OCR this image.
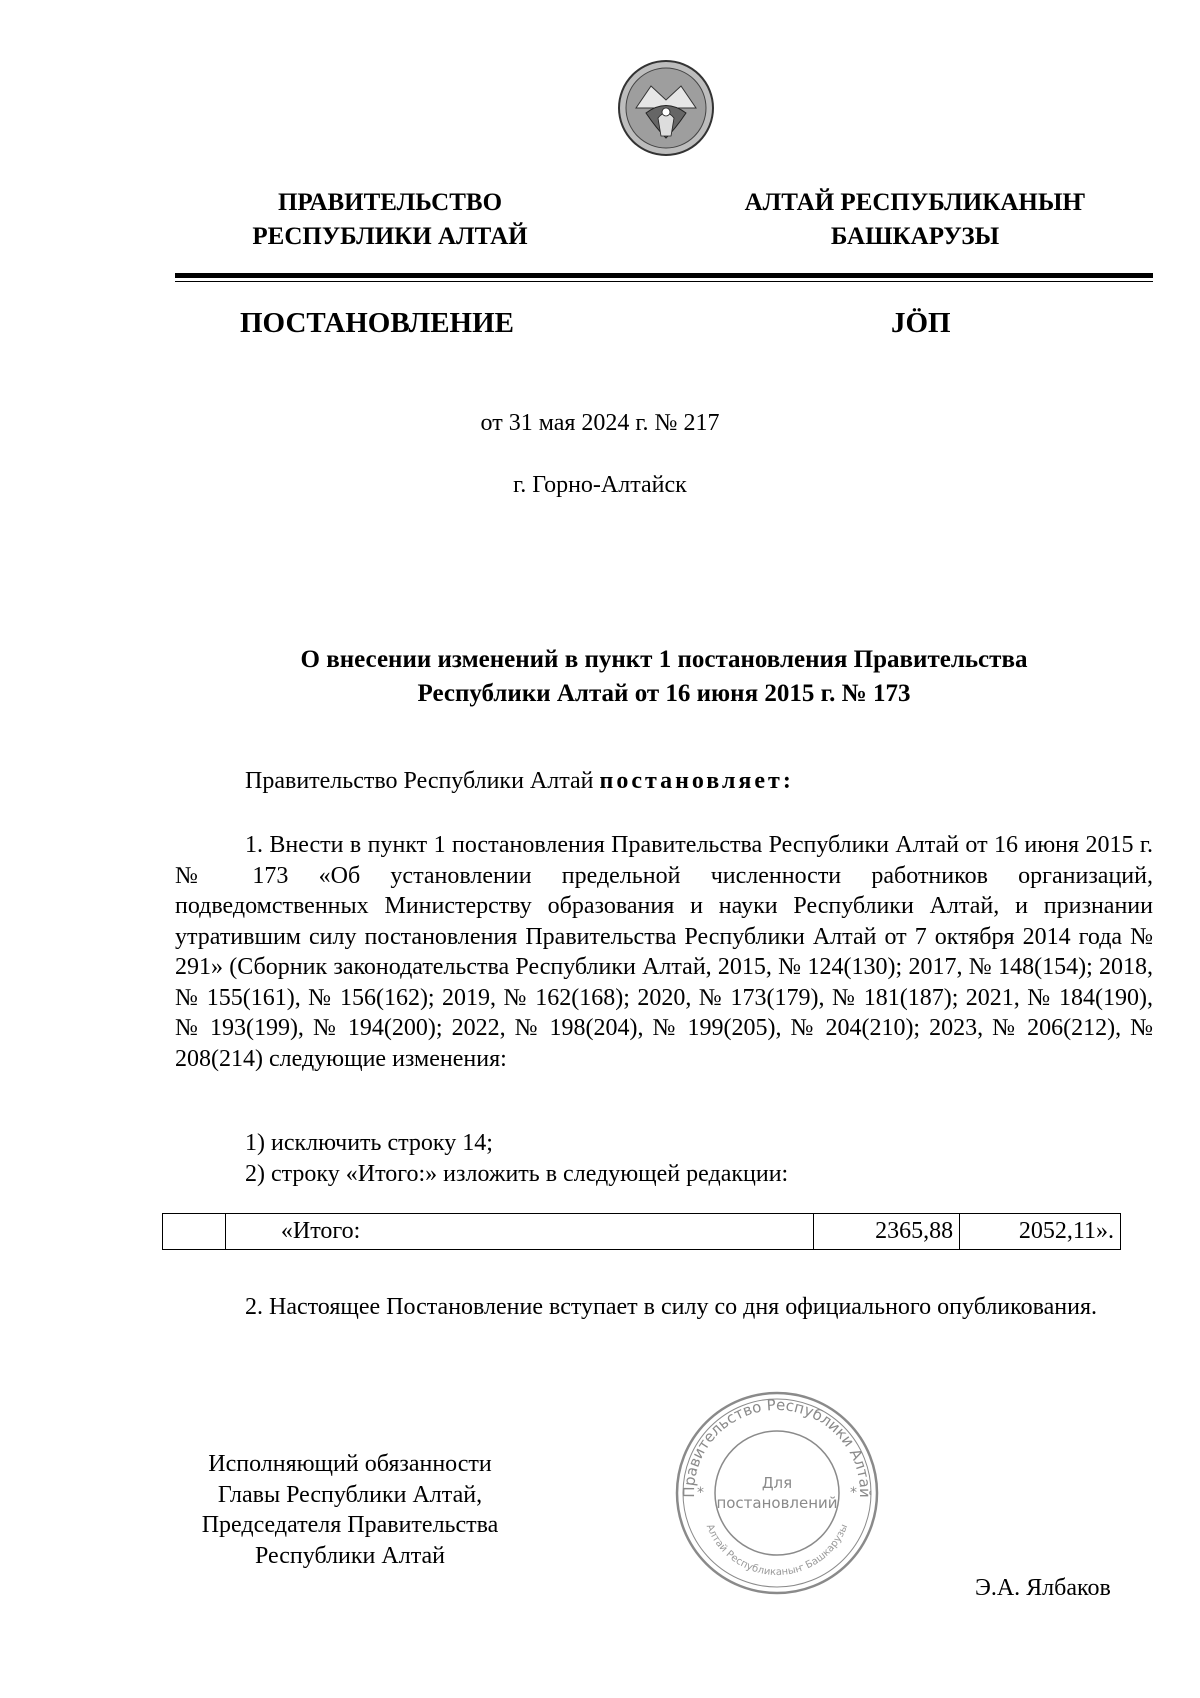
ПРАВИТЕЛЬСТВО
РЕСПУБЛИКИ АЛТАЙ
АЛТАЙ РЕСПУБЛИКАНЫҤ
БАШКАРУЗЫ
ПОСТАНОВЛЕНИЕ	JӦП
от 31 мая 2024 г. № 217
г. Горно-Алтайск
О внесении изменений в пункт 1 постановления Правительства
Республики Алтай от 16 июня 2015 г. № 173
Правительство Республики Алтай постановляет:
1. Внести в пункт 1 постановления Правительства Республики Алтай от 16 июня 2015 г. № 173 «Об установлении предельной численности работников организаций, подведомственных Министерству образования и науки Республики Алтай, и признании утратившим силу постановления Правительства Республики Алтай от 7 октября 2014 года № 291» (Сборник законодательства Республики Алтай, 2015, № 124(130); 2017, № 148(154); 2018, № 155(161), № 156(162); 2019, № 162(168); 2020, № 173(179), № 181(187); 2021, № 184(190), № 193(199), № 194(200); 2022, № 198(204), № 199(205), № 204(210); 2023, № 206(212), № 208(214) следующие изменения:
1) исключить строку 14;
2) строку «Итого:» изложить в следующей редакции:
	«Итого:	2365,88	2052,11».
2. Настоящее Постановление вступает в силу со дня официального опубликования.
Исполняющий обязанности
Главы Республики Алтай,
Председателя Правительства
Республики Алтай
Правительство Республики Алтай
Алтай Республиканыҥ Башкарузы
*	*
Для
постановлений
Э.А. Ялбаков
